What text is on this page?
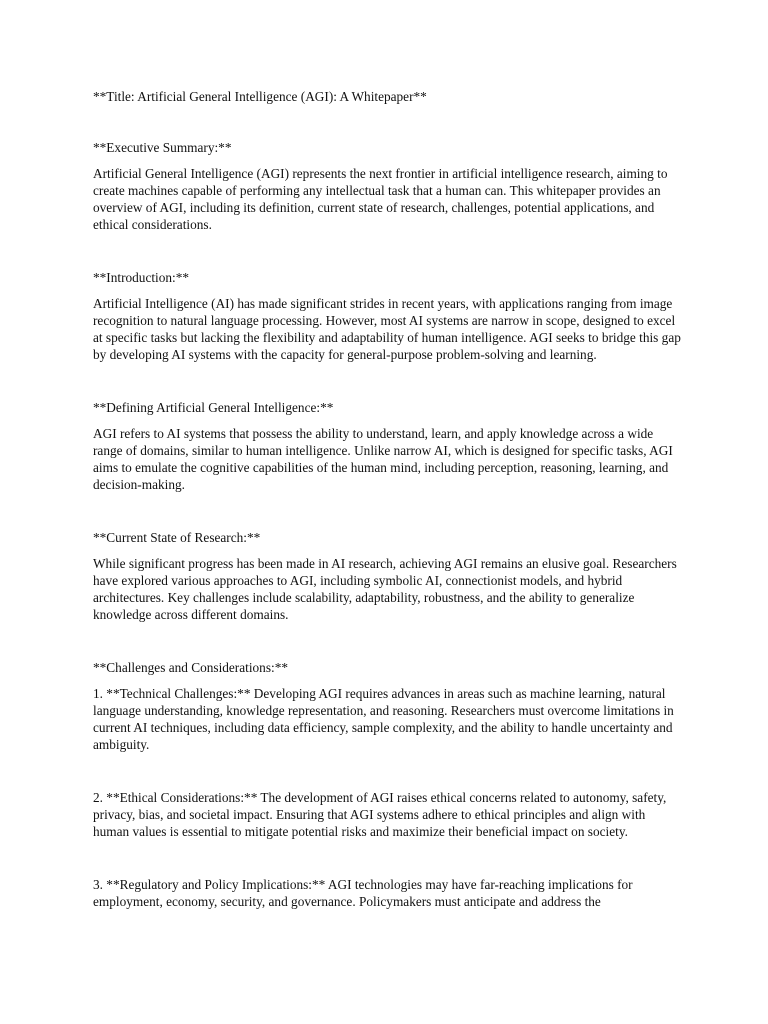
**Title: Artificial General Intelligence (AGI): A Whitepaper**

**Executive Summary:**

Artificial General Intelligence (AGI) represents the next frontier in artificial intelligence research, aiming to create machines capable of performing any intellectual task that a human can. This whitepaper provides an overview of AGI, including its definition, current state of research, challenges, potential applications, and ethical considerations.

**Introduction:**

Artificial Intelligence (AI) has made significant strides in recent years, with applications ranging from image recognition to natural language processing. However, most AI systems are narrow in scope, designed to excel at specific tasks but lacking the flexibility and adaptability of human intelligence. AGI seeks to bridge this gap by developing AI systems with the capacity for general-purpose problem-solving and learning.

**Defining Artificial General Intelligence:**

AGI refers to AI systems that possess the ability to understand, learn, and apply knowledge across a wide range of domains, similar to human intelligence. Unlike narrow AI, which is designed for specific tasks, AGI aims to emulate the cognitive capabilities of the human mind, including perception, reasoning, learning, and decision-making.

**Current State of Research:**

While significant progress has been made in AI research, achieving AGI remains an elusive goal. Researchers have explored various approaches to AGI, including symbolic AI, connectionist models, and hybrid architectures. Key challenges include scalability, adaptability, robustness, and the ability to generalize knowledge across different domains.

**Challenges and Considerations:**

1. **Technical Challenges:** Developing AGI requires advances in areas such as machine learning, natural language understanding, knowledge representation, and reasoning. Researchers must overcome limitations in current AI techniques, including data efficiency, sample complexity, and the ability to handle uncertainty and ambiguity.

2. **Ethical Considerations:** The development of AGI raises ethical concerns related to autonomy, safety, privacy, bias, and societal impact. Ensuring that AGI systems adhere to ethical principles and align with human values is essential to mitigate potential risks and maximize their beneficial impact on society.

3. **Regulatory and Policy Implications:** AGI technologies may have far-reaching implications for employment, economy, security, and governance. Policymakers must anticipate and address the
